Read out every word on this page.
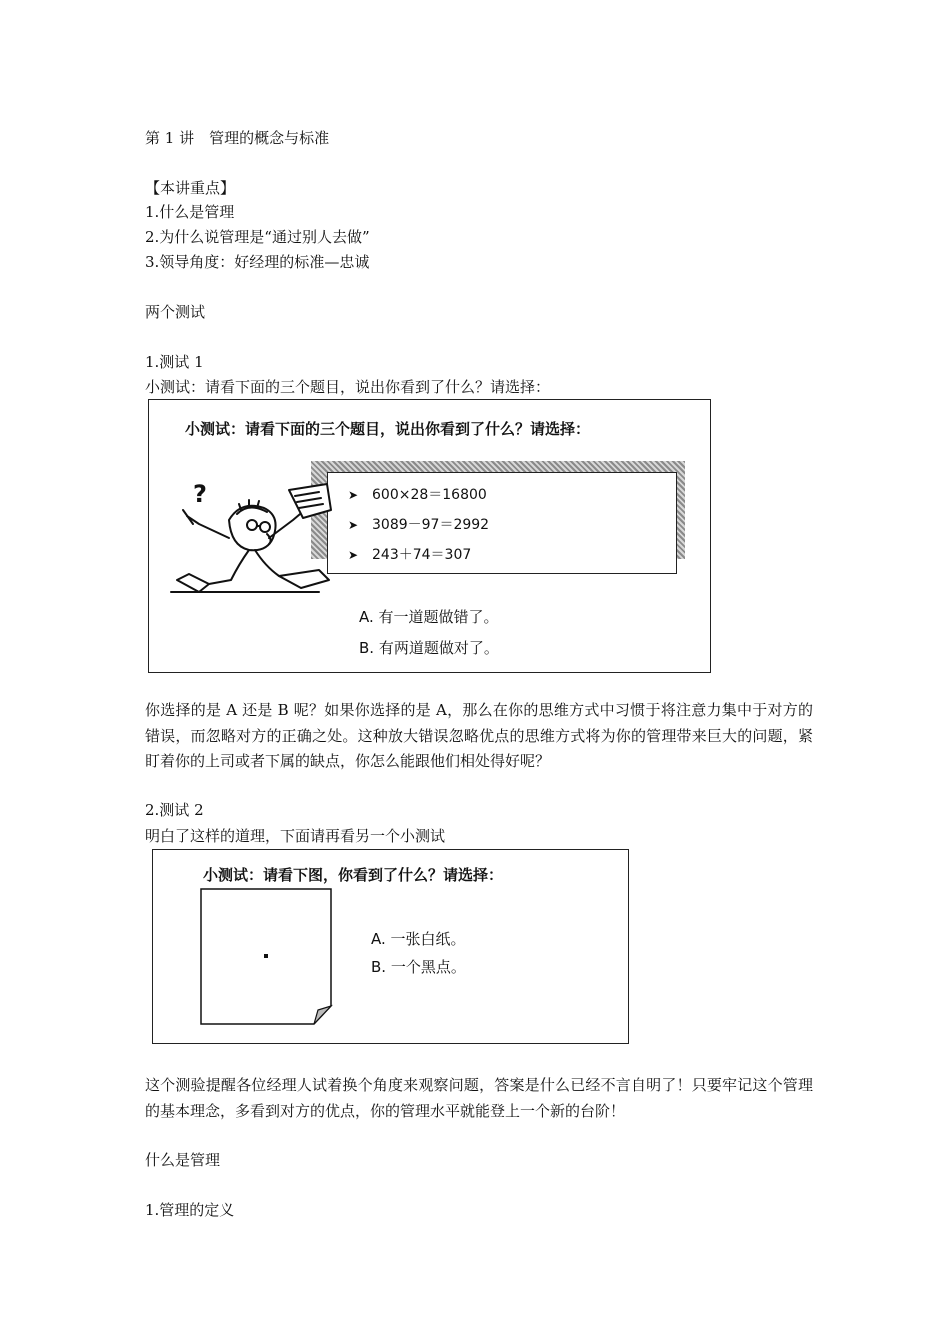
第 1 讲　管理的概念与标准
【本讲重点】
1.什么是管理
2.为什么说管理是“通过别人去做”
3.领导角度：好经理的标准—忠诚
两个测试
1.测试 1
小测试：请看下面的三个题目，说出你看到了什么？请选择：
小测试：请看下面的三个题目，说出你看到了什么？请选择：
➤ 600×28＝16800
➤ 3089－97＝2992
➤ 243＋74＝307
?
A. 有一道题做错了。
B. 有两道题做对了。
你选择的是 A 还是 B 呢？如果你选择的是 A，那么在你的思维方式中习惯于将注意力集中于对方的错误，而忽略对方的正确之处。这种放大错误忽略优点的思维方式将为你的管理带来巨大的问题，紧盯着你的上司或者下属的缺点，你怎么能跟他们相处得好呢？
2.测试 2
明白了这样的道理，下面请再看另一个小测试
小测试：请看下图，你看到了什么？请选择：
A. 一张白纸。
B. 一个黑点。
这个测验提醒各位经理人试着换个角度来观察问题，答案是什么已经不言自明了！只要牢记这个管理的基本理念，多看到对方的优点，你的管理水平就能登上一个新的台阶！
什么是管理
1.管理的定义
